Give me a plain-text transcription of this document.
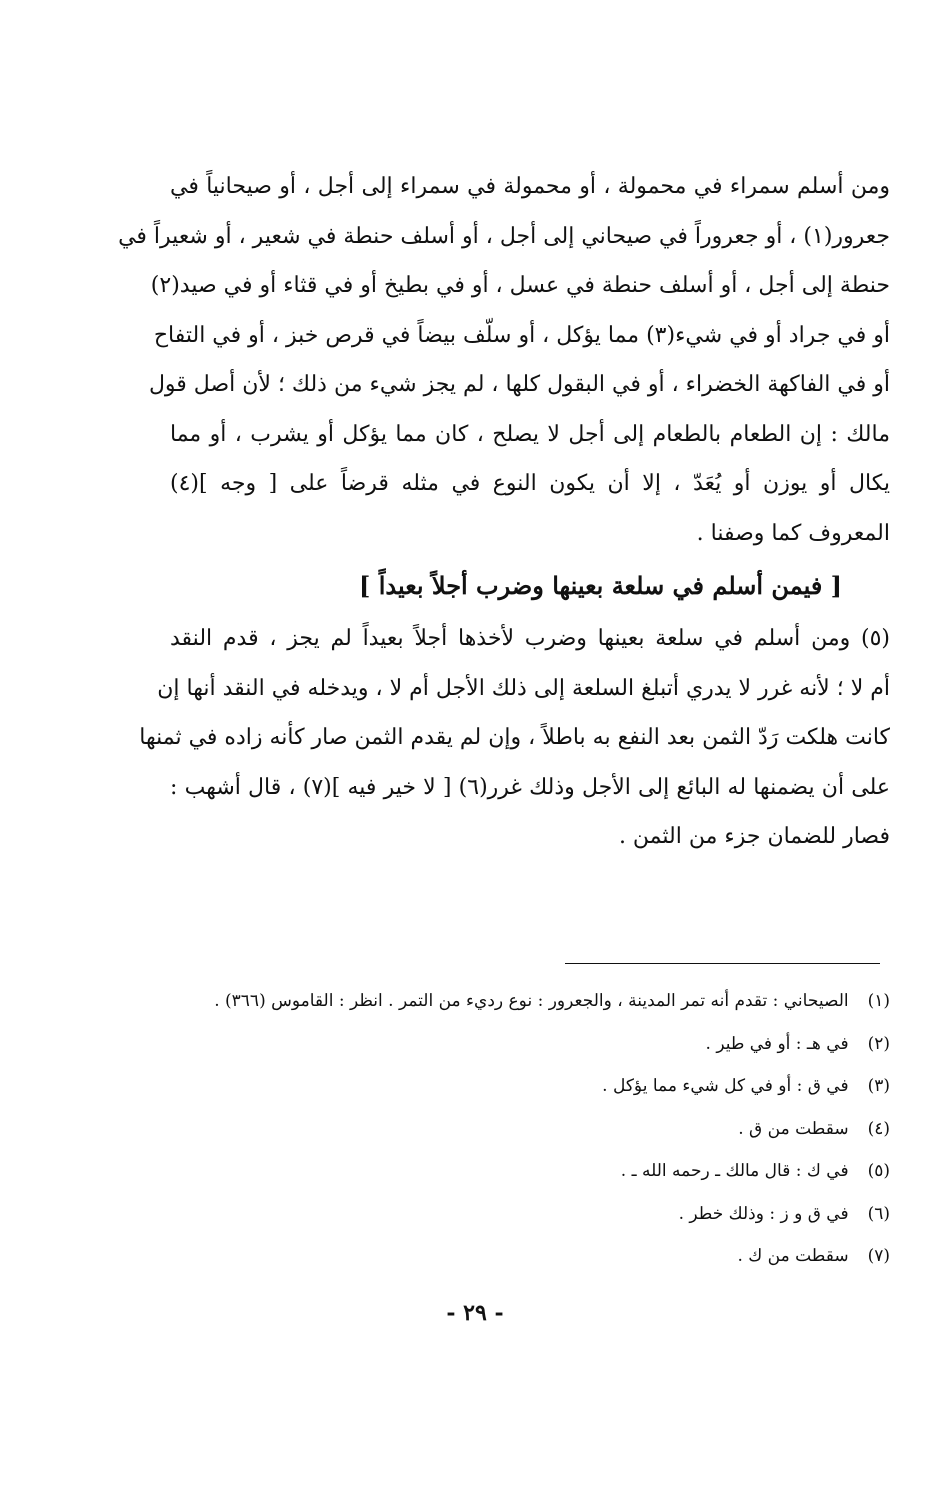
ومن أسلم سمراء في محمولة ، أو محمولة في سمراء إلى أجل ، أو صيحانياً في
جعرور(١) ، أو جعروراً في صيحاني إلى أجل ، أو أسلف حنطة في شعير ، أو شعيراً في
حنطة إلى أجل ، أو أسلف حنطة في عسل ، أو في بطيخ أو في قثاء أو في صيد(٢)
أو في جراد أو في شيء(٣) مما يؤكل ، أو سلّف بيضاً في قرص خبز ، أو في التفاح
أو في الفاكهة الخضراء ، أو في البقول كلها ، لم يجز شيء من ذلك ؛ لأن أصل قول
مالك : إن الطعام بالطعام إلى أجل لا يصلح ، كان مما يؤكل أو يشرب ، أو مما
يكال أو يوزن أو يُعَدّ ، إلا أن يكون النوع في مثله قرضاً على [ وجه ](٤)
المعروف كما وصفنا .
[ فيمن أسلم في سلعة بعينها وضرب أجلاً بعيداً ]
(٥) ومن أسلم في سلعة بعينها وضرب لأخذها أجلاً بعيداً لم يجز ، قدم النقد
أم لا ؛ لأنه غرر لا يدري أتبلغ السلعة إلى ذلك الأجل أم لا ، ويدخله في النقد أنها إن
كانت هلكت رَدّ الثمن بعد النفع به باطلاً ، وإن لم يقدم الثمن صار كأنه زاده في ثمنها
على أن يضمنها له البائع إلى الأجل وذلك غرر(٦) [ لا خير فيه ](٧) ، قال أشهب :
فصار للضمان جزء من الثمن .
(١) الصيحاني : تقدم أنه تمر المدينة ، والجعرور : نوع رديء من التمر . انظر : القاموس (٣٦٦) .
(٢) في هـ : أو في طير .
(٣) في ق : أو في كل شيء مما يؤكل .
(٤) سقطت من ق .
(٥) في ك : قال مالك ـ رحمه الله ـ .
(٦) في ق و ز : وذلك خطر .
(٧) سقطت من ك .
- ٢٩ -
